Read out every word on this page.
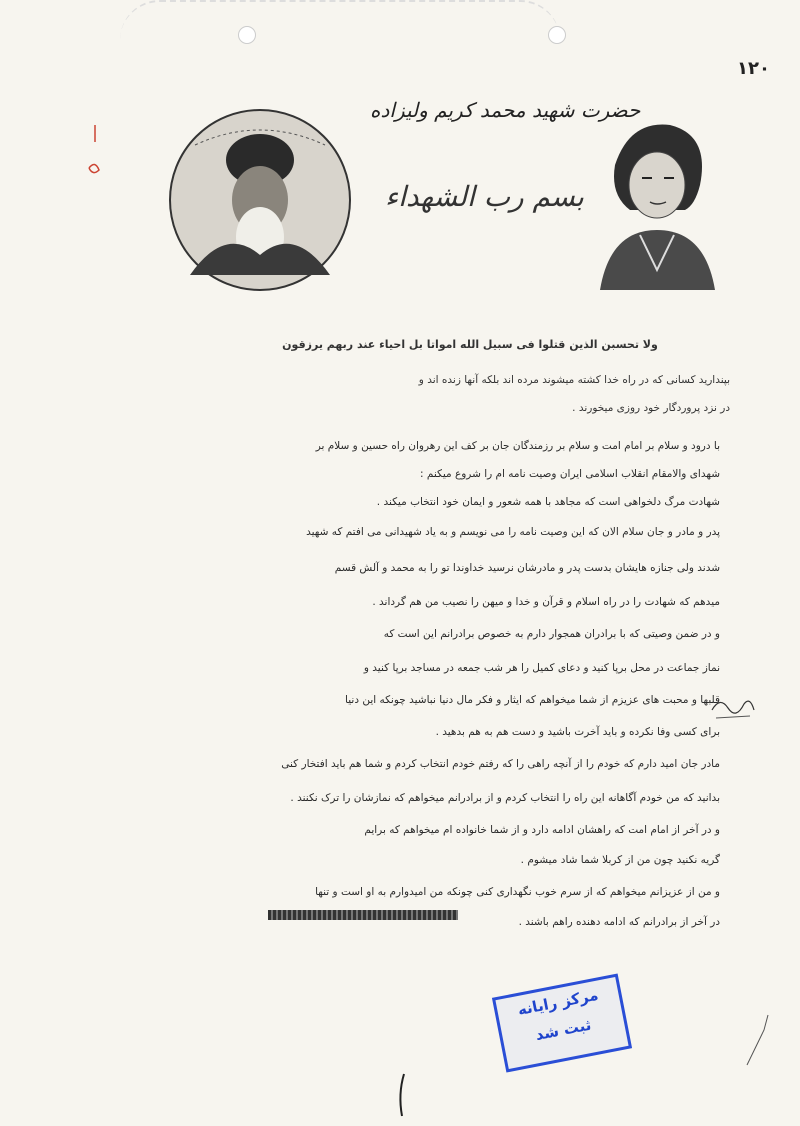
۱۲۰
حضرت شهید محمد کریم ولیزاده
بسم رب الشهداء
ولا تحسبن الذین قتلوا فی سبیل الله امواتا بل احیاء عند ربهم یرزقون
بپندارید کسانی که در راه خدا کشته میشوند مرده اند بلکه آنها زنده اند و
در نزد پروردگار خود روزی میخورند .
با درود و سلام بر امام امت و سلام بر رزمندگان جان بر کف این رهروان راه حسین و سلام بر
شهدای والامقام انقلاب اسلامی ایران وصیت نامه ام را شروع میکنم :
شهادت مرگ دلخواهی است که مجاهد با همه شعور و ایمان خود انتخاب میکند .
پدر و مادر و جان سلام الان که این وصیت نامه را می نویسم و به یاد شهیدانی می افتم که شهید
شدند ولی جنازه هایشان بدست پدر و مادرشان نرسید خداوندا تو را به محمد و آلش قسم
میدهم که شهادت را در راه اسلام و قرآن و خدا و میهن را نصیب من هم گرداند .
و در ضمن وصیتی که با برادران همجوار دارم به خصوص برادرانم این است که
نماز جماعت در محل برپا کنید و دعای کمیل را هر شب جمعه در مساجد برپا کنید و
قلبها و محبت های عزیزم از شما میخواهم که ایثار و فکر مال دنیا نباشید چونکه این دنیا
برای کسی وفا نکرده و باید آخرت باشید و دست هم به هم بدهید .
مادر جان امید دارم که خودم را از آنچه راهی را که رفتم خودم انتخاب کردم و شما هم باید افتخار کنی
بدانید که من خودم آگاهانه این راه را انتخاب کردم و از برادرانم میخواهم که نمازشان را ترک نکنند .
و در آخر از امام امت که راهشان ادامه دارد و از شما خانواده ام میخواهم که برایم
گریه نکنید چون من از کربلا شما شاد میشوم .
و من از عزیزانم میخواهم که از سرم خوب نگهداری کنی چونکه من امیدوارم به او است و تنها
در آخر از برادرانم که ادامه دهنده راهم باشند .
مرکز رایانه
ثبت شد
